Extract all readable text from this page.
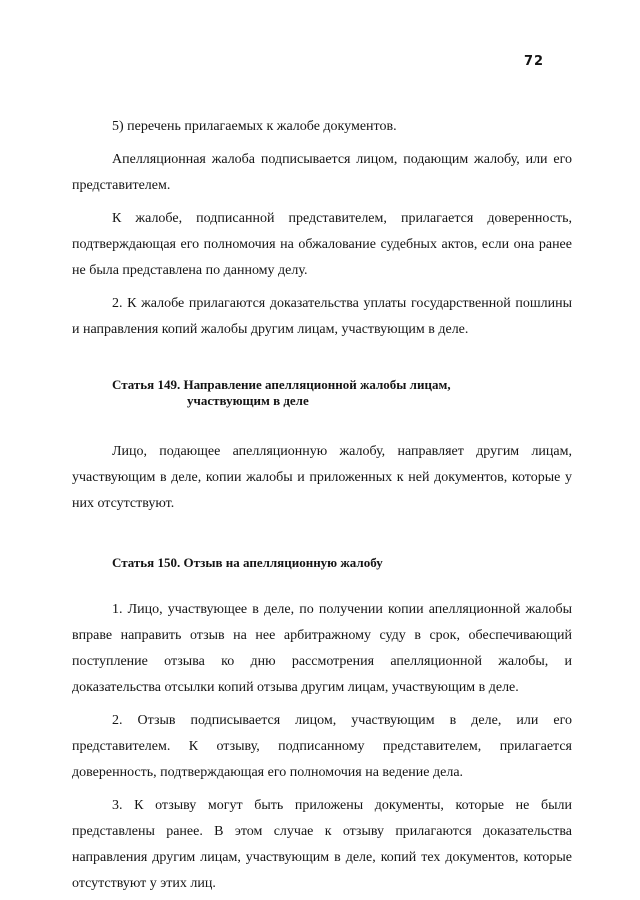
72

5) перечень прилагаемых к жалобе документов.

Апелляционная жалоба подписывается лицом, подающим жалобу, или его представителем.

К жалобе, подписанной представителем, прилагается доверенность, подтверждающая его полномочия на обжалование судебных актов, если она ранее не была представлена по данному делу.

2. К жалобе прилагаются доказательства уплаты государственной пошлины и направления копий жалобы другим лицам, участвующим в деле.

Статья 149. Направление апелляционной жалобы лицам,
участвующим в деле

Лицо, подающее апелляционную жалобу, направляет другим лицам, участвующим в деле, копии жалобы и приложенных к ней документов, которые у них отсутствуют.

Статья 150. Отзыв на апелляционную жалобу

1. Лицо, участвующее в деле, по получении копии апелляционной жалобы вправе направить отзыв на нее арбитражному суду в срок, обеспечивающий поступление отзыва ко дню рассмотрения апелляционной жалобы, и доказательства отсылки копий отзыва другим лицам, участвующим в деле.

2. Отзыв подписывается лицом, участвующим в деле, или его представителем. К отзыву, подписанному представителем, прилагается доверенность, подтверждающая его полномочия на ведение дела.

3. К отзыву могут быть приложены документы, которые не были представлены ранее. В этом случае к отзыву прилагаются доказательства направления другим лицам, участвующим в деле, копий тех документов, которые отсутствуют у этих лиц.
